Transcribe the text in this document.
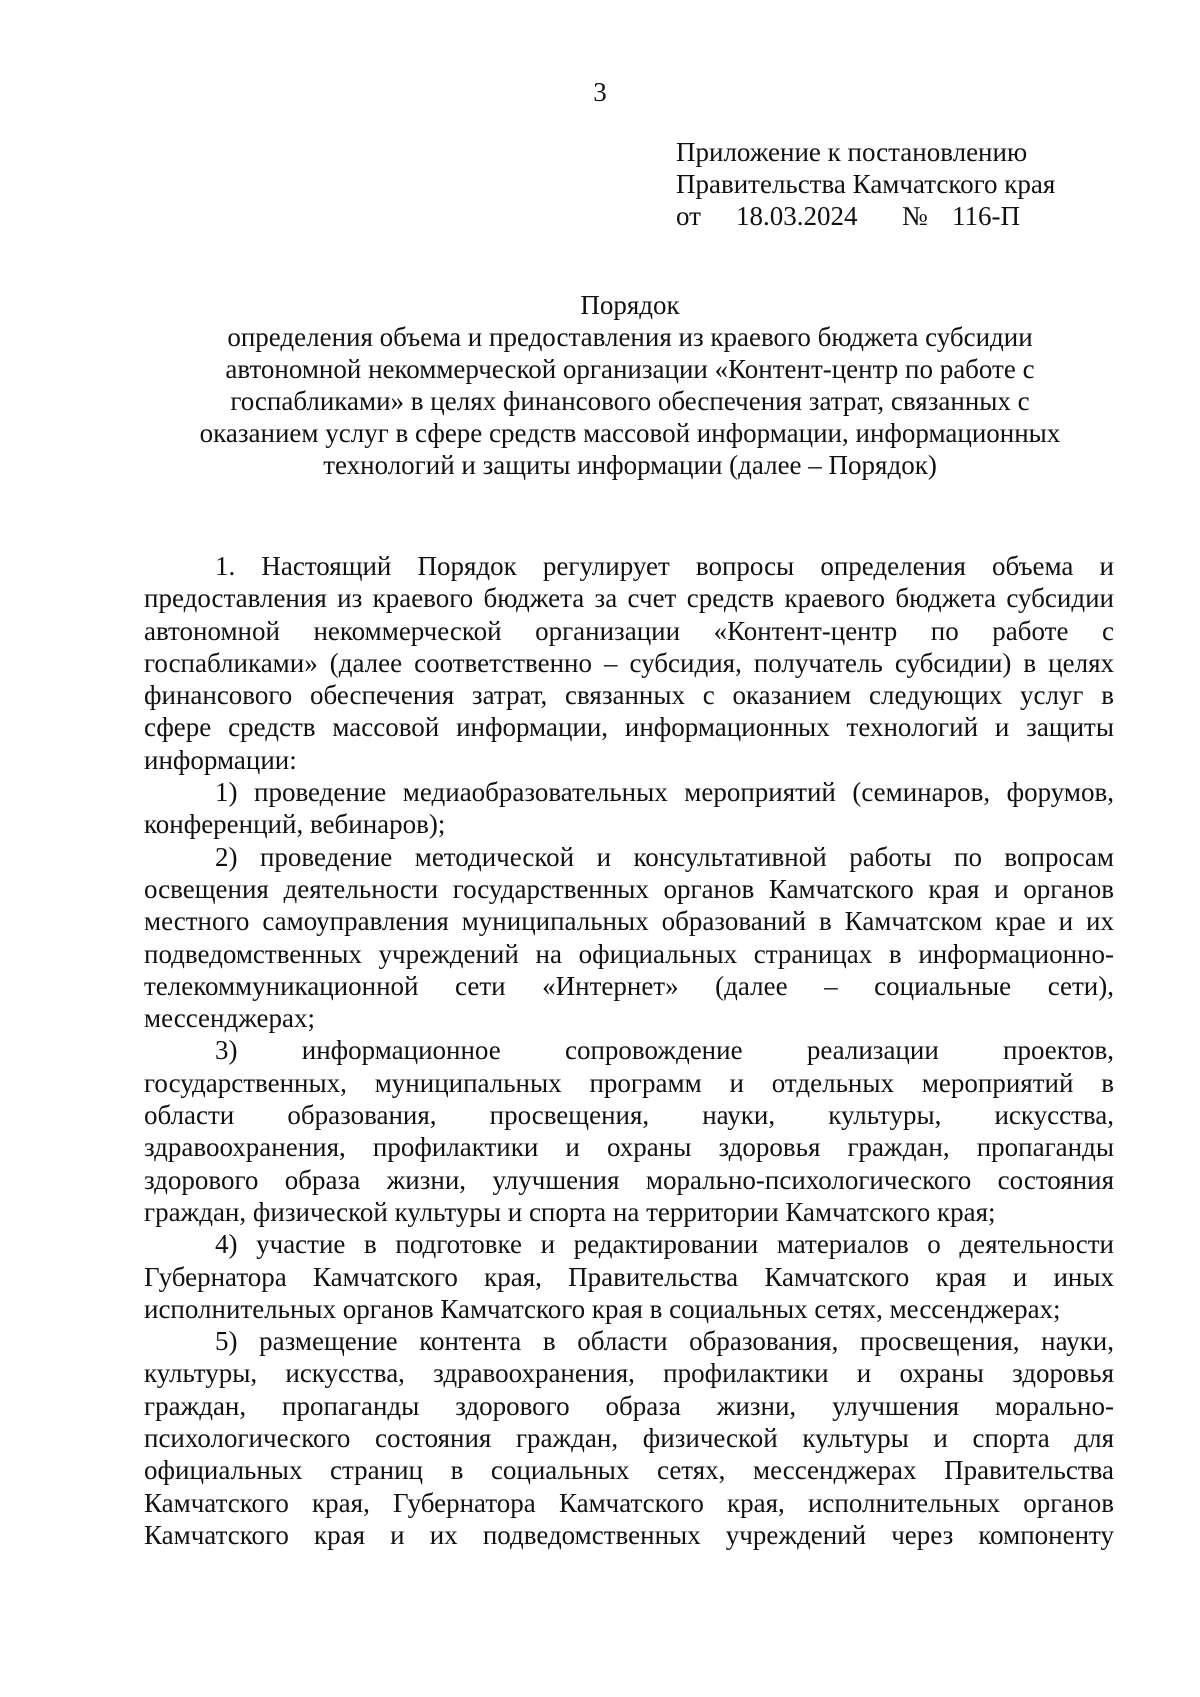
3
Приложение к постановлению
Правительства Камчатского края
от	18.03.2024	№ 116-П
Порядок
определения объема и предоставления из краевого бюджета субсидии
автономной некоммерческой организации «Контент-центр по работе с
госпабликами» в целях финансового обеспечения затрат, связанных с
оказанием услуг в сфере средств массовой информации, информационных
технологий и защиты информации (далее – Порядок)
1. Настоящий Порядок регулирует вопросы определения объема и
предоставления из краевого бюджета за счет средств краевого бюджета субсидии
автономной некоммерческой организации «Контент-центр по работе с
госпабликами» (далее соответственно – субсидия, получатель субсидии) в целях
финансового обеспечения затрат, связанных с оказанием следующих услуг в
сфере средств массовой информации, информационных технологий и защиты
информации:
1) проведение медиаобразовательных мероприятий (семинаров, форумов,
конференций, вебинаров);
2) проведение методической и консультативной работы по вопросам
освещения деятельности государственных органов Камчатского края и органов
местного самоуправления муниципальных образований в Камчатском крае и их
подведомственных учреждений на официальных страницах в информационно-
телекоммуникационной сети «Интернет» (далее – социальные сети),
мессенджерах;
3) информационное сопровождение реализации проектов,
государственных, муниципальных программ и отдельных мероприятий в
области образования, просвещения, науки, культуры, искусства,
здравоохранения, профилактики и охраны здоровья граждан, пропаганды
здорового образа жизни, улучшения морально-психологического состояния
граждан, физической культуры и спорта на территории Камчатского края;
4) участие в подготовке и редактировании материалов о деятельности
Губернатора Камчатского края, Правительства Камчатского края и иных
исполнительных органов Камчатского края в социальных сетях, мессенджерах;
5) размещение контента в области образования, просвещения, науки,
культуры, искусства, здравоохранения, профилактики и охраны здоровья
граждан, пропаганды здорового образа жизни, улучшения морально-
психологического состояния граждан, физической культуры и спорта для
официальных страниц в социальных сетях, мессенджерах Правительства
Камчатского края, Губернатора Камчатского края, исполнительных органов
Камчатского края и их подведомственных учреждений через компоненту
